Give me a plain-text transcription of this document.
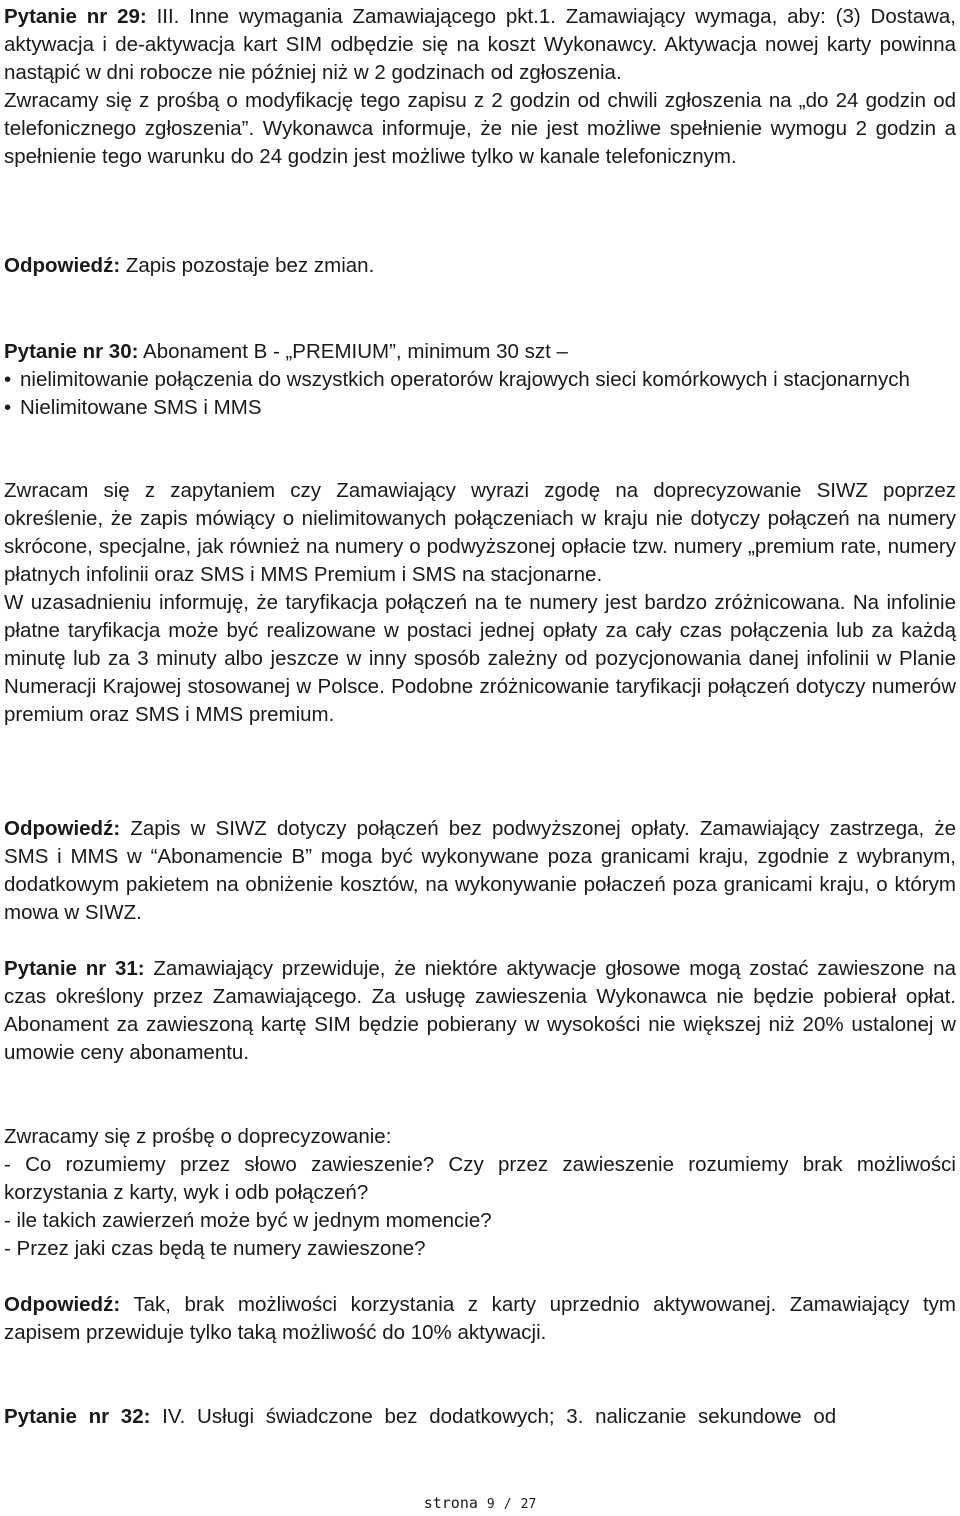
Pytanie nr 29: III. Inne wymagania Zamawiającego pkt.1. Zamawiający wymaga, aby: (3) Dostawa, aktywacja i de-aktywacja kart SIM odbędzie się na koszt Wykonawcy. Aktywacja nowej karty powinna nastąpić w dni robocze nie później niż w 2 godzinach od zgłoszenia.

Zwracamy się z prośbą o modyfikację tego zapisu z 2 godzin od chwili zgłoszenia na „do 24 godzin od telefonicznego zgłoszenia”. Wykonawca informuje, że nie jest możliwe spełnienie wymogu 2 godzin a spełnienie tego warunku do 24 godzin jest możliwe tylko w kanale telefonicznym.

Odpowiedź: Zapis pozostaje bez zmian.

Pytanie nr 30: Abonament B - „PREMIUM”, minimum 30 szt –

• nielimitowanie połączenia do wszystkich operatorów krajowych sieci komórkowych i stacjonarnych

• Nielimitowane SMS i MMS

Zwracam się z zapytaniem czy Zamawiający wyrazi zgodę na doprecyzowanie SIWZ poprzez określenie, że zapis mówiący o nielimitowanych połączeniach w kraju nie dotyczy połączeń na numery skrócone, specjalne, jak również na numery o podwyższonej opłacie tzw. numery „premium rate, numery płatnych infolinii oraz SMS i MMS Premium i SMS na stacjonarne.

W uzasadnieniu informuję, że taryfikacja połączeń na te numery jest bardzo zróżnicowana. Na infolinie płatne taryfikacja może być realizowane w postaci jednej opłaty za cały czas połączenia lub za każdą minutę lub za 3 minuty albo jeszcze w inny sposób zależny od pozycjonowania danej infolinii w Planie Numeracji Krajowej stosowanej w Polsce. Podobne zróżnicowanie taryfikacji połączeń dotyczy numerów premium oraz SMS i MMS premium.

Odpowiedź: Zapis w SIWZ dotyczy połączeń bez podwyższonej opłaty. Zamawiający zastrzega, że SMS i MMS w “Abonamencie B” moga być wykonywane poza granicami kraju, zgodnie z wybranym, dodatkowym pakietem na obniżenie kosztów, na wykonywanie połaczeń poza granicami kraju, o którym mowa w SIWZ.

Pytanie nr 31: Zamawiający przewiduje, że niektóre aktywacje głosowe mogą zostać zawieszone na czas określony przez Zamawiającego. Za usługę zawieszenia Wykonawca nie będzie pobierał opłat. Abonament za zawieszoną kartę SIM będzie pobierany w wysokości nie większej niż 20% ustalonej w umowie ceny abonamentu.

Zwracamy się z prośbę o doprecyzowanie:

- Co rozumiemy przez słowo zawieszenie? Czy przez zawieszenie rozumiemy brak możliwości korzystania z karty, wyk i odb połączeń?

- ile takich zawierzeń może być w jednym momencie?

- Przez jaki czas będą te numery zawieszone?

Odpowiedź: Tak, brak możliwości korzystania z karty uprzednio aktywowanej. Zamawiający tym zapisem przewiduje tylko taką możliwość do 10% aktywacji.

Pytanie nr 32: IV. Usługi świadczone bez dodatkowych; 3. naliczanie sekundowe od

strona 9 / 27
